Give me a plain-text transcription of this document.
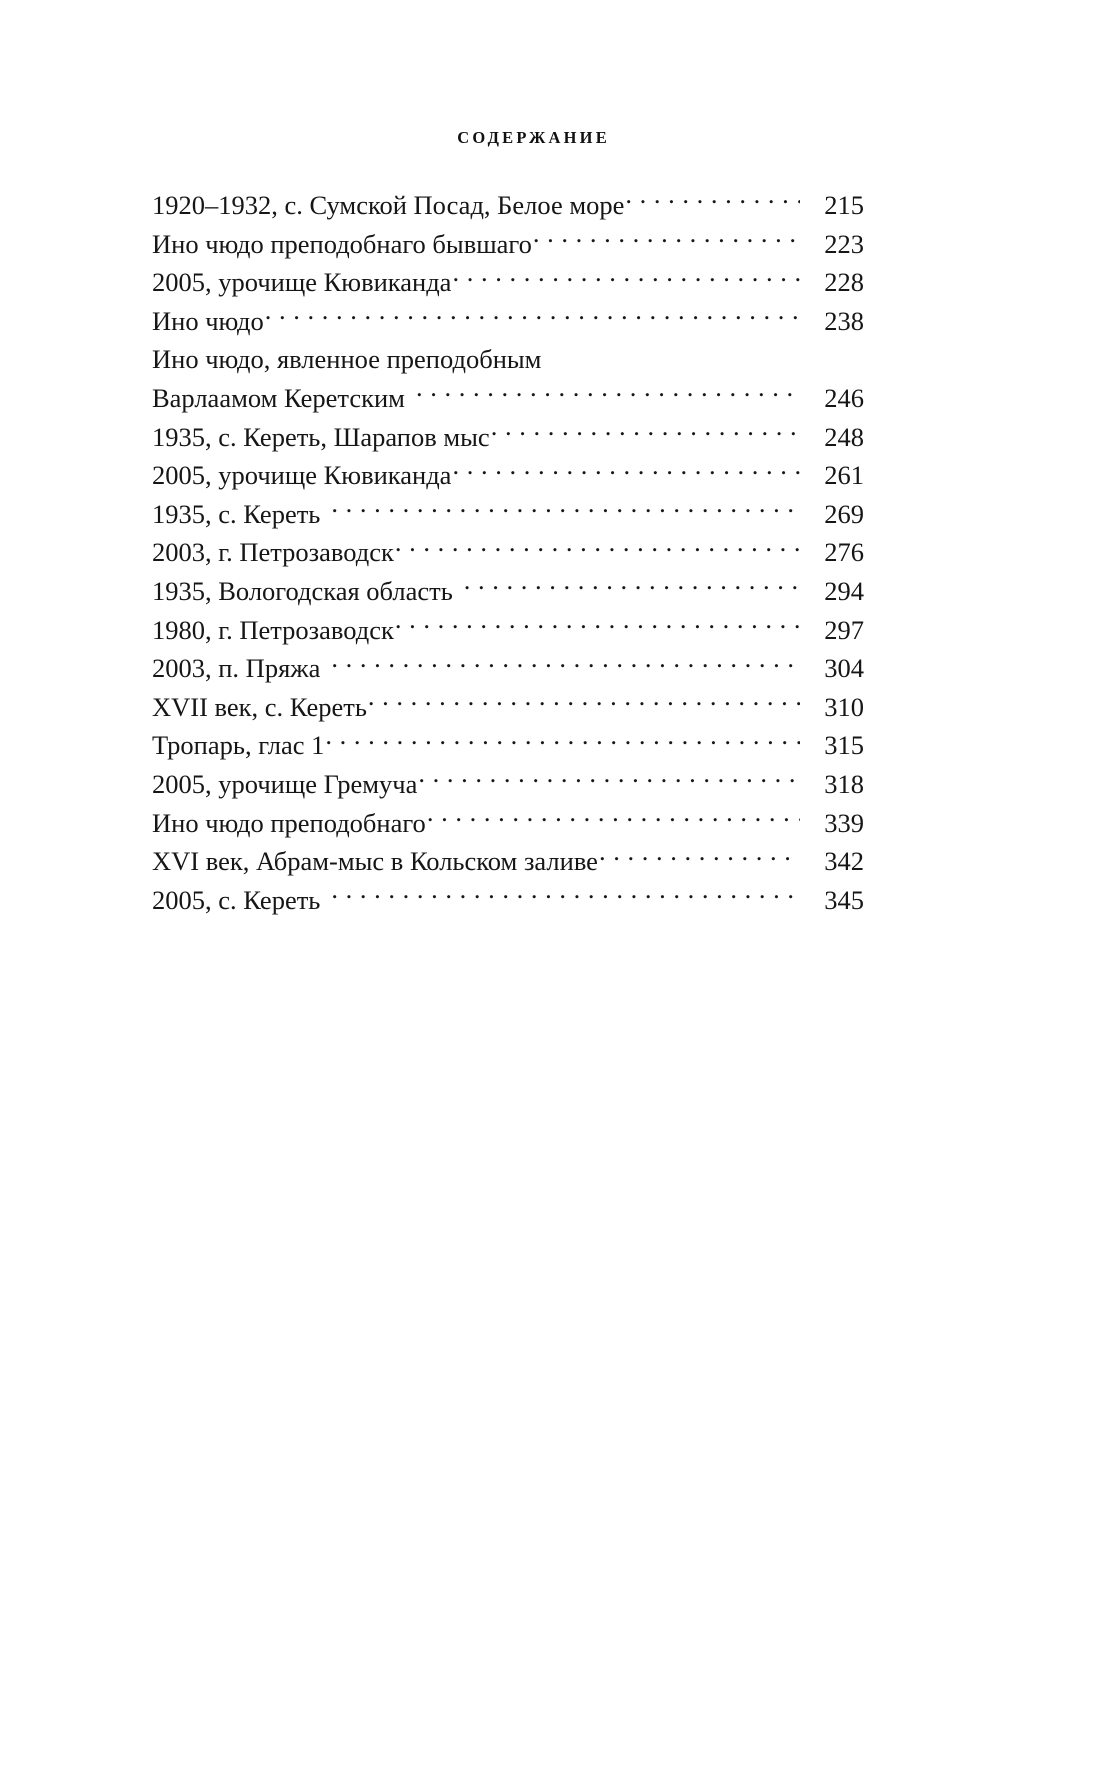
СОДЕРЖАНИЕ
1920–1932, с. Сумской Посад, Белое море . . .	215
Ино чюдо преподобнаго бывшаго . . .	223
2005, урочище Кювиканда . . .	228
Ино чюдо . . .	238
Ино чюдо, явленное преподобным
Варлаамом Керетским . . .	246
1935, с. Кереть, Шарапов мыс . . .	248
2005, урочище Кювиканда . . .	261
1935, с. Кереть . . .	269
2003, г. Петрозаводск . . .	276
1935, Вологодская область . . .	294
1980, г. Петрозаводск . . .	297
2003, п. Пряжа . . .	304
XVII век, с. Кереть . . .	310
Тропарь, глас 1 . . .	315
2005, урочище Гремуча . . .	318
Ино чюдо преподобнаго . . .	339
XVI век, Абрам-мыс в Кольском заливе . . .	342
2005, с. Кереть . . .	345
